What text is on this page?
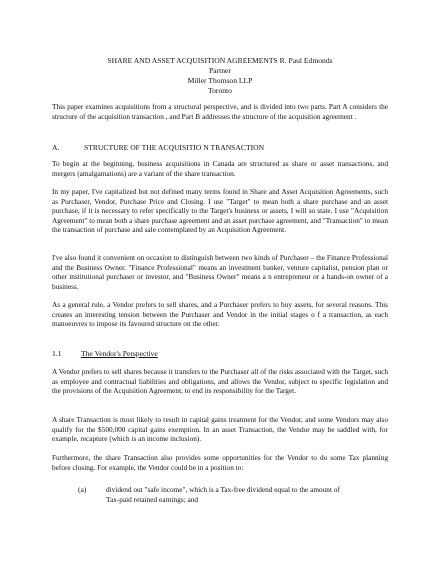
SHARE AND ASSET ACQUISITION AGREEMENTS R. Paul Edmonds
Partner
Miller Thomson LLP
Toronto
This paper examines acquisitions from a structural perspective, and is divided into two parts. Part A considers the structure of the acquisition transaction , and Part B addresses the structure of the acquisition agreement .
A.	STRUCTURE OF THE ACQUISITIO N TRANSACTION
To begin at the beginning, business acquisitions in Canada are structured as share or asset transactions, and mergers (amalgamations) are a variant of the share transaction.
In my paper, I've capitalized but not defined many terms found in Share and Asset Acquisition Agreements, such as Purchaser, Vendor, Purchase Price and Closing. I use "Target" to mean both a share purchase and an asset purchase, if it is necessary to refer specifically to the Target's business or assets, I will so state. I use "Acquisition Agreement" to mean both a share purchase agreement and an asset purchase agreement, and "Transaction" to mean the transaction of purchase and sale contemplated by an Acquisition Agreement.
I've also found it convenient on occasion to distinguish between two kinds of Purchaser – the Finance Professional and the Business Owner. "Finance Professional" means an investment banker, venture capitalist, pension plan or other institutional purchaser or investor, and "Business Owner" means a n entrepreneur or a hands-on owner of a business.
As a general rule, a Vendor prefers to sell shares, and a Purchaser prefers to buy assets, for several reasons. This creates an interesting tension between the Purchaser and Vendor in the initial stages o f a transaction, as each manoeuvres to impose its favoured structure on the other.
1.1	The Vendor's Perspective
A Vendor prefers to sell shares because it transfers to the Purchaser all of the risks associated with the Target, such as employee and contractual liabilities and obligations, and allows the Vendor, subject to specific legislation and the provisions of the Acquisition Agreement, to end its responsibility for the Target.
A share Transaction is most likely to result in capital gains treatment for the Vendor, and some Vendors may also qualify for the $500,000 capital gains exemption. In an asset Transaction, the Vendor may be saddled with, for example, recapture (which is an income inclusion).
Furthermore, the share Transaction also provides some opportunities for the Vendor to do some Tax planning before closing. For example, the Vendor could be in a position to:
(a)	dividend out "safe income", which is a Tax-free dividend equal to the amount of
Tax-paid retained earnings; and
